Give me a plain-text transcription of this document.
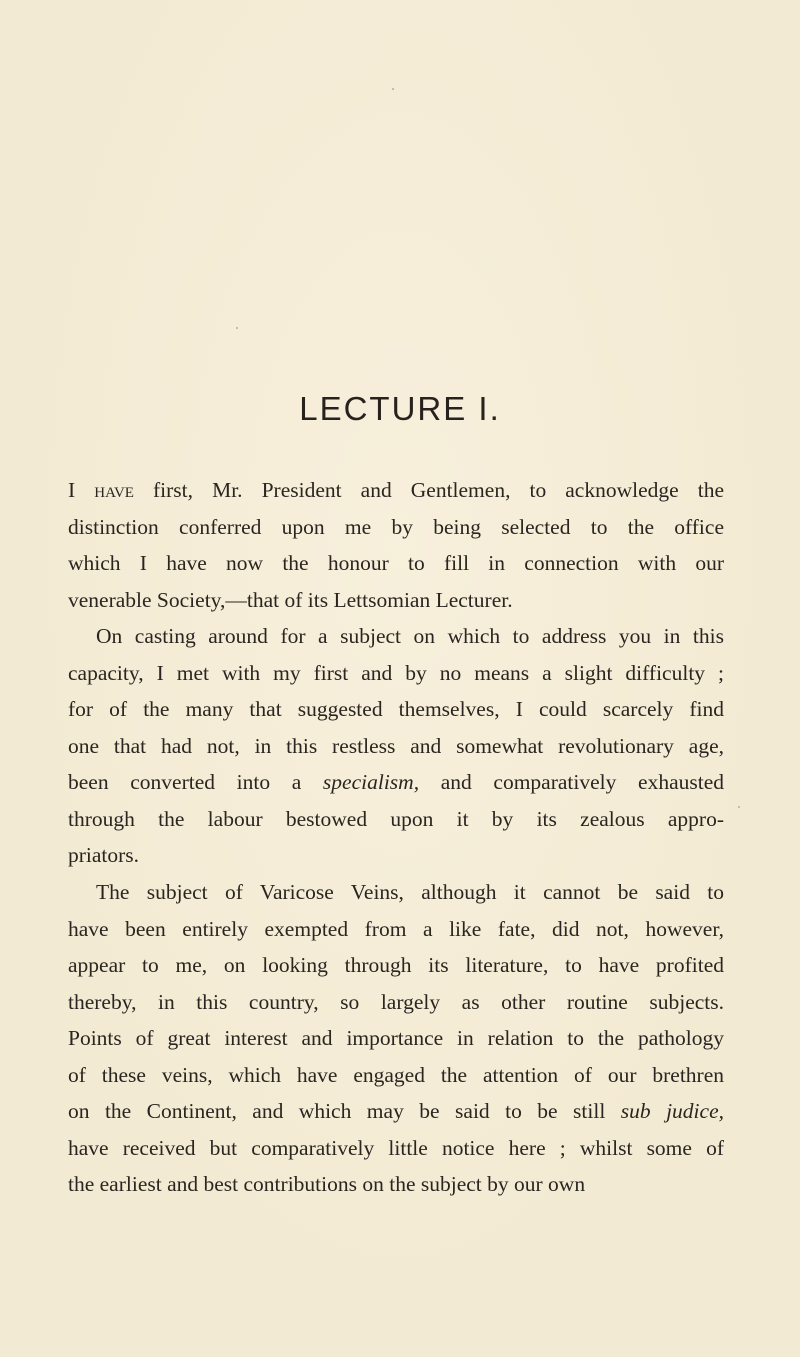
LECTURE I.
I have first, Mr. President and Gentlemen, to acknowledge the
distinction conferred upon me by being selected to the office
which I have now the honour to fill in connection with our
venerable Society,—that of its Lettsomian Lecturer.
On casting around for a subject on which to address you in this
capacity, I met with my first and by no means a slight difficulty ;
for of the many that suggested themselves, I could scarcely find
one that had not, in this restless and somewhat revolutionary age,
been converted into a specialism, and comparatively exhausted
through the labour bestowed upon it by its zealous appro-
priators.
The subject of Varicose Veins, although it cannot be said to
have been entirely exempted from a like fate, did not, however,
appear to me, on looking through its literature, to have profited
thereby, in this country, so largely as other routine subjects.
Points of great interest and importance in relation to the pathology
of these veins, which have engaged the attention of our brethren
on the Continent, and which may be said to be still sub judice,
have received but comparatively little notice here ; whilst some of
the earliest and best contributions on the subject by our own
